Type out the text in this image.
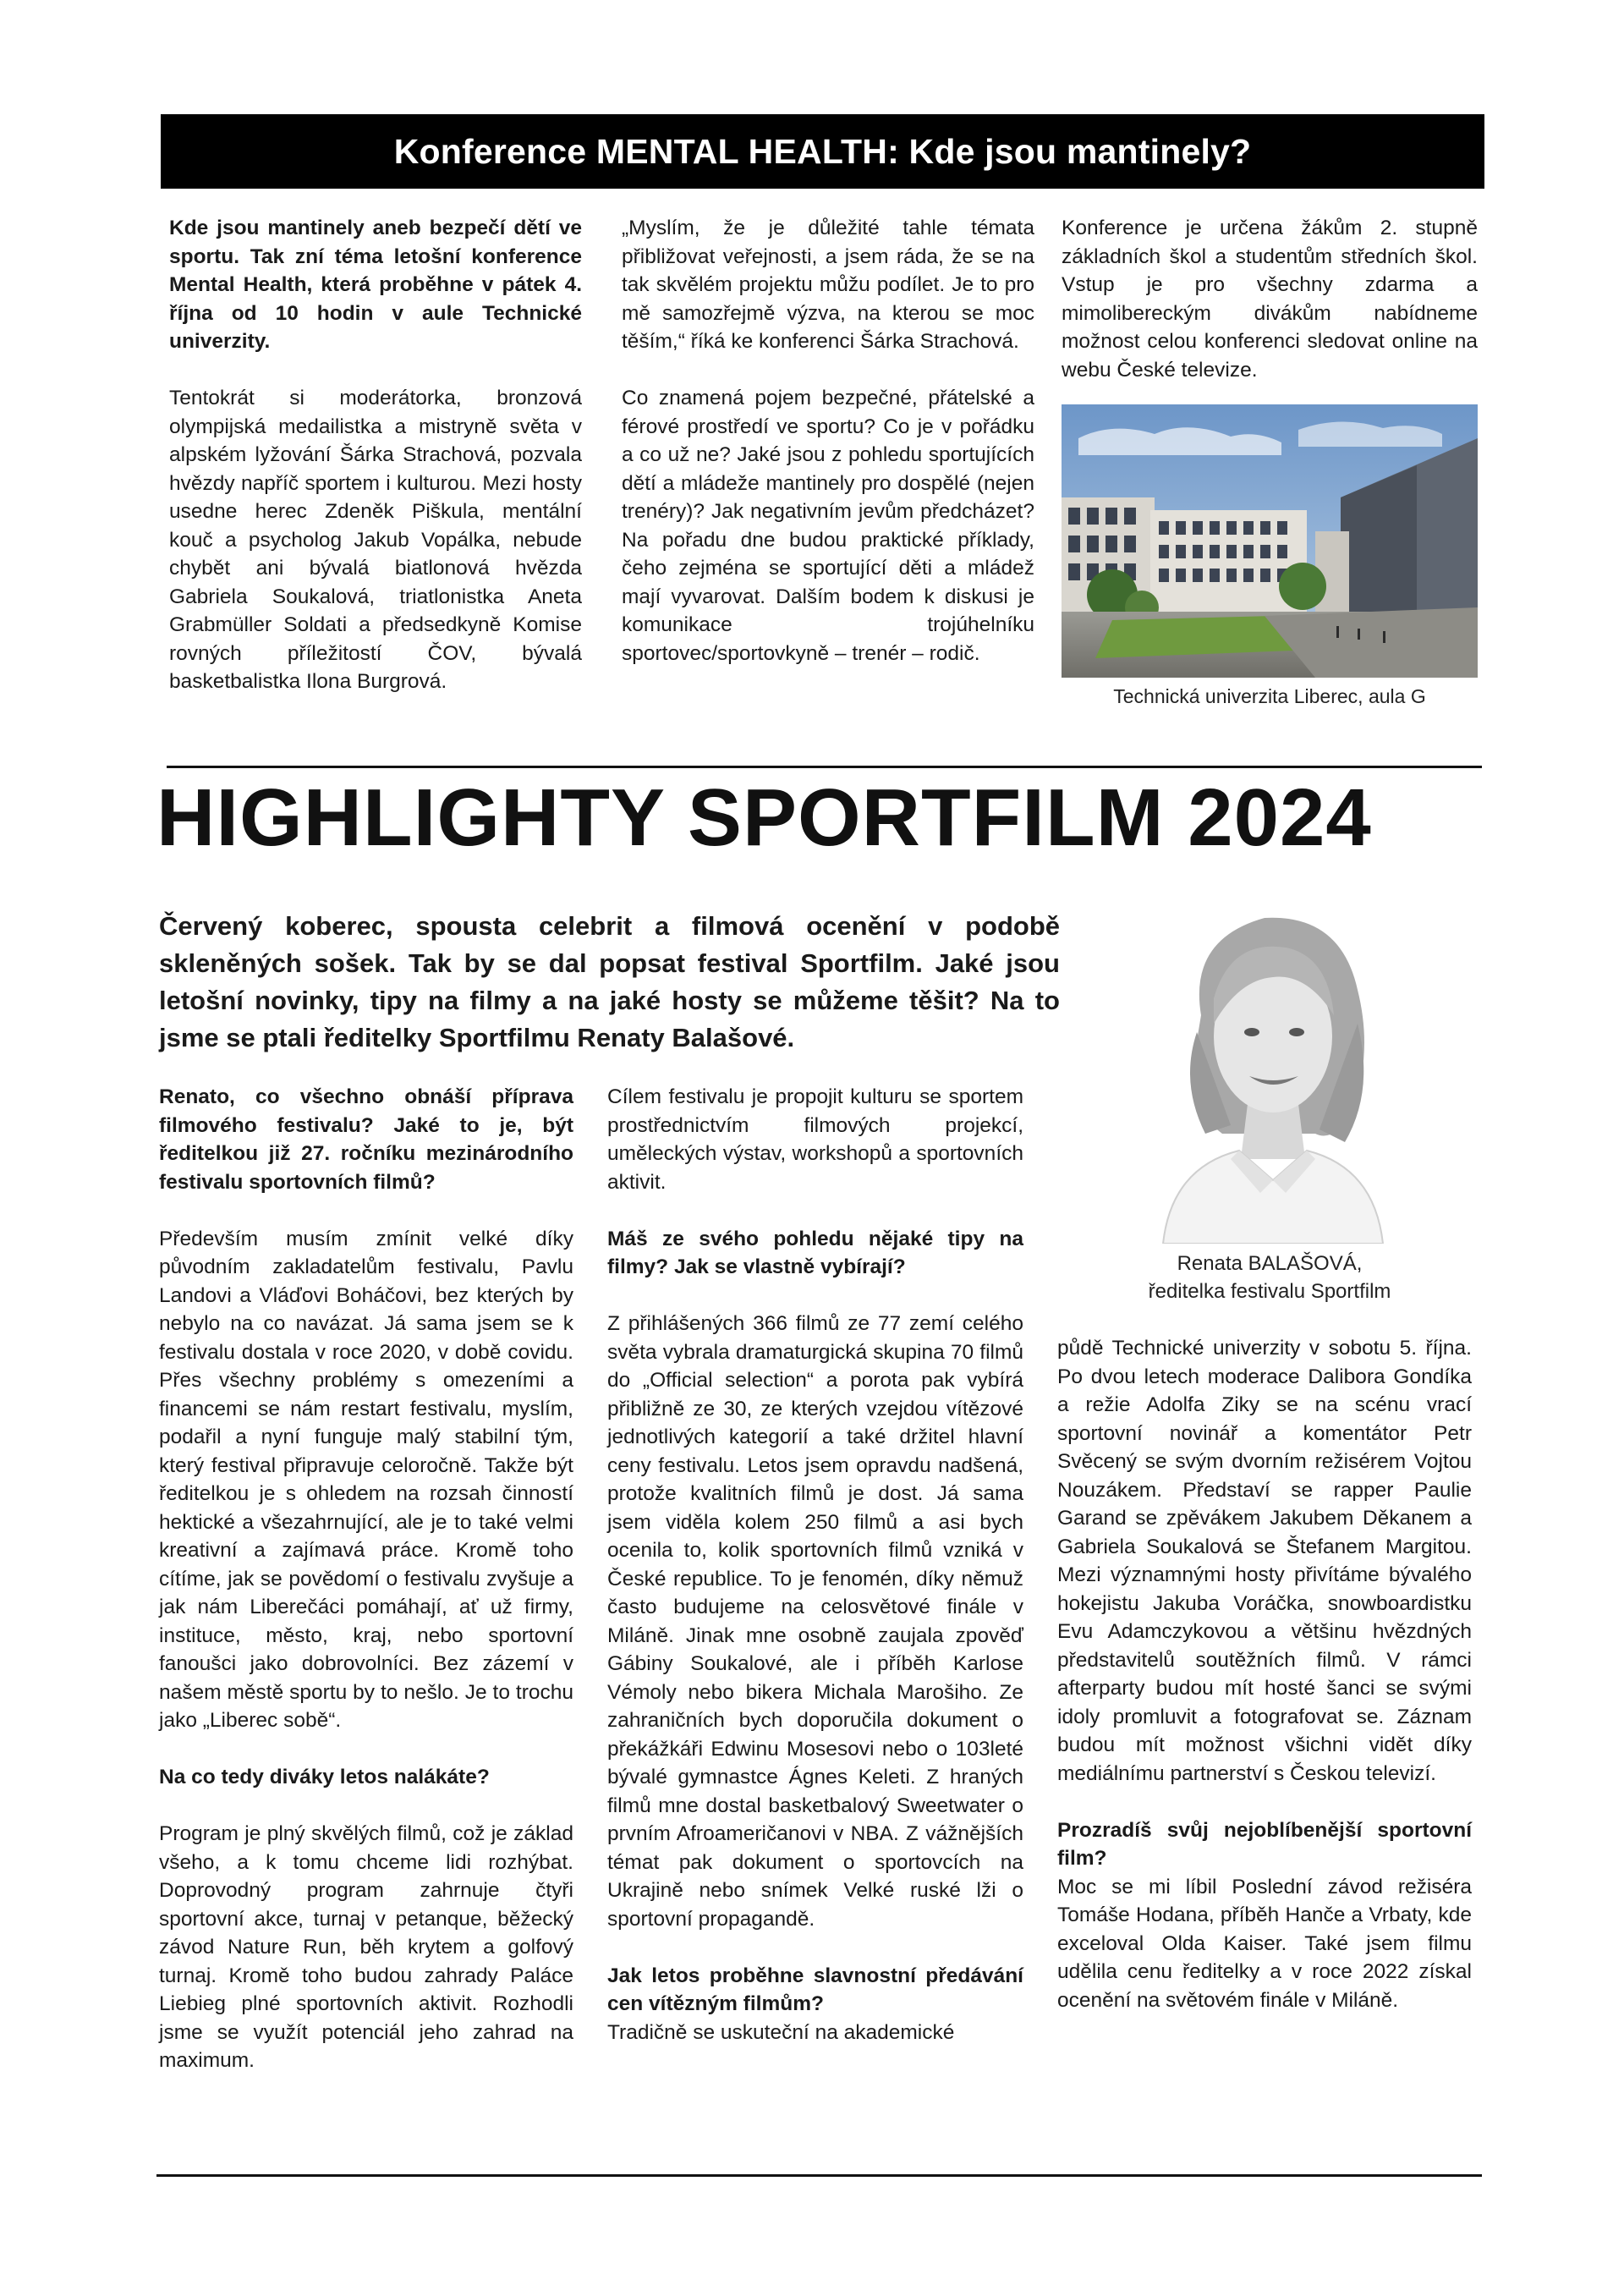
Konference MENTAL HEALTH: Kde jsou mantinely?

Kde jsou mantinely aneb bezpečí dětí ve sportu. Tak zní téma letošní konference Mental Health, která proběhne v pátek 4. října od 10 hodin v aule Technické univerzity.

Tentokrát si moderátorka, bronzová olympijská medailistka a mistryně světa v alpském lyžování Šárka Strachová, pozvala hvězdy napříč sportem i kulturou. Mezi hosty usedne herec Zdeněk Piškula, mentální kouč a psycholog Jakub Vopálka, nebude chybět ani bývalá biatlonová hvězda Gabriela Soukalová, triatlonistka Aneta Grabmüller Soldati a předsedkyně Komise rovných příležitostí ČOV, bývalá basketbalistka Ilona Burgrová.

„Myslím, že je důležité tahle témata přibližovat veřejnosti, a jsem ráda, že se na tak skvělém projektu můžu podílet. Je to pro mě samozřejmě výzva, na kterou se moc těším,“ říká ke konferenci Šárka Strachová.

Co znamená pojem bezpečné, přátelské a férové prostředí ve sportu? Co je v pořádku a co už ne? Jaké jsou z pohledu sportujících dětí a mládeže mantinely pro dospělé (nejen trenéry)? Jak negativním jevům předcházet? Na pořadu dne budou praktické příklady, čeho zejména se sportující děti a mládež mají vyvarovat. Dalším bodem k diskusi je komunikace trojúhelníku sportovec/sportovkyně – trenér – rodič.

Konference je určena žákům 2. stupně základních škol a studentům středních škol. Vstup je pro všechny zdarma a mimolibereckým divákům nabídneme možnost celou konferenci sledovat online na webu České televize.

Technická univerzita Liberec, aula G
HIGHLIGHTY SPORTFILM 2024
Červený koberec, spousta celebrit a filmová ocenění v podobě skleněných sošek. Tak by se dal popsat festival Sportfilm. Jaké jsou letošní novinky, tipy na filmy a na jaké hosty se můžeme těšit? Na to jsme se ptali ředitelky Sportfilmu Renaty Balašové.
Renata BALAŠOVÁ,
ředitelka festivalu Sportfilm

Renato, co všechno obnáší příprava filmového festivalu? Jaké to je, být ředitelkou již 27. ročníku mezinárodního festivalu sportovních filmů?

Především musím zmínit velké díky původním zakladatelům festivalu, Pavlu Landovi a Vláďovi Boháčovi, bez kterých by nebylo na co navázat. Já sama jsem se k festivalu dostala v roce 2020, v době covidu. Přes všechny problémy s omezeními a financemi se nám restart festivalu, myslím, podařil a nyní funguje malý stabilní tým, který festival připravuje celoročně. Takže být ředitelkou je s ohledem na rozsah činností hektické a všezahrnující, ale je to také velmi kreativní a zajímavá práce. Kromě toho cítíme, jak se povědomí o festivalu zvyšuje a jak nám Liberečáci pomáhají, ať už firmy, instituce, město, kraj, nebo sportovní fanoušci jako dobrovolníci. Bez zázemí v našem městě sportu by to nešlo. Je to trochu jako „Liberec sobě“.

Na co tedy diváky letos nalákáte?

Program je plný skvělých filmů, což je základ všeho, a k tomu chceme lidi rozhýbat. Doprovodný program zahrnuje čtyři sportovní akce, turnaj v petanque, běžecký závod Nature Run, běh krytem a golfový turnaj. Kromě toho budou zahrady Paláce Liebieg plné sportovních aktivit. Rozhodli jsme se využít potenciál jeho zahrad na maximum.

Cílem festivalu je propojit kulturu se sportem prostřednictvím filmových projekcí, uměleckých výstav, workshopů a sportovních aktivit.

Máš ze svého pohledu nějaké tipy na filmy? Jak se vlastně vybírají?

Z přihlášených 366 filmů ze 77 zemí celého světa vybrala dramaturgická skupina 70 filmů do „Official selection“ a porota pak vybírá přibližně ze 30, ze kterých vzejdou vítězové jednotlivých kategorií a také držitel hlavní ceny festivalu. Letos jsem opravdu nadšená, protože kvalitních filmů je dost. Já sama jsem viděla kolem 250 filmů a asi bych ocenila to, kolik sportovních filmů vzniká v České republice. To je fenomén, díky němuž často budujeme na celosvětové finále v Miláně. Jinak mne osobně zaujala zpověď Gábiny Soukalové, ale i příběh Karlose Vémoly nebo bikera Michala Marošiho. Ze zahraničních bych doporučila dokument o překážkáři Edwinu Mosesovi nebo o 103leté bývalé gymnastce Ágnes Keleti. Z hraných filmů mne dostal basketbalový Sweetwater o prvním Afroameričanovi v NBA. Z vážnějších témat pak dokument o sportovcích na Ukrajině nebo snímek Velké ruské lži o sportovní propagandě.

Jak letos proběhne slavnostní předávání cen vítězným filmům?
Tradičně se uskuteční na akademické

půdě Technické univerzity v sobotu 5. října. Po dvou letech moderace Dalibora Gondíka a režie Adolfa Ziky se na scénu vrací sportovní novinář a komentátor Petr Svěcený se svým dvorním režisérem Vojtou Nouzákem. Představí se rapper Paulie Garand se zpěvákem Jakubem Děkanem a Gabriela Soukalová se Štefanem Margitou. Mezi významnými hosty přivítáme bývalého hokejistu Jakuba Voráčka, snowboardistku Evu Adamczykovou a většinu hvězdných představitelů soutěžních filmů. V rámci afterparty budou mít hosté šanci se svými idoly promluvit a fotografovat se. Záznam budou mít možnost všichni vidět díky mediálnímu partnerství s Českou televizí.

Prozradíš svůj nejoblíbenější sportovní film?
Moc se mi líbil Poslední závod režiséra Tomáše Hodana, příběh Hanče a Vrbaty, kde exceloval Olda Kaiser. Také jsem filmu udělila cenu ředitelky a v roce 2022 získal ocenění na světovém finále v Miláně.
